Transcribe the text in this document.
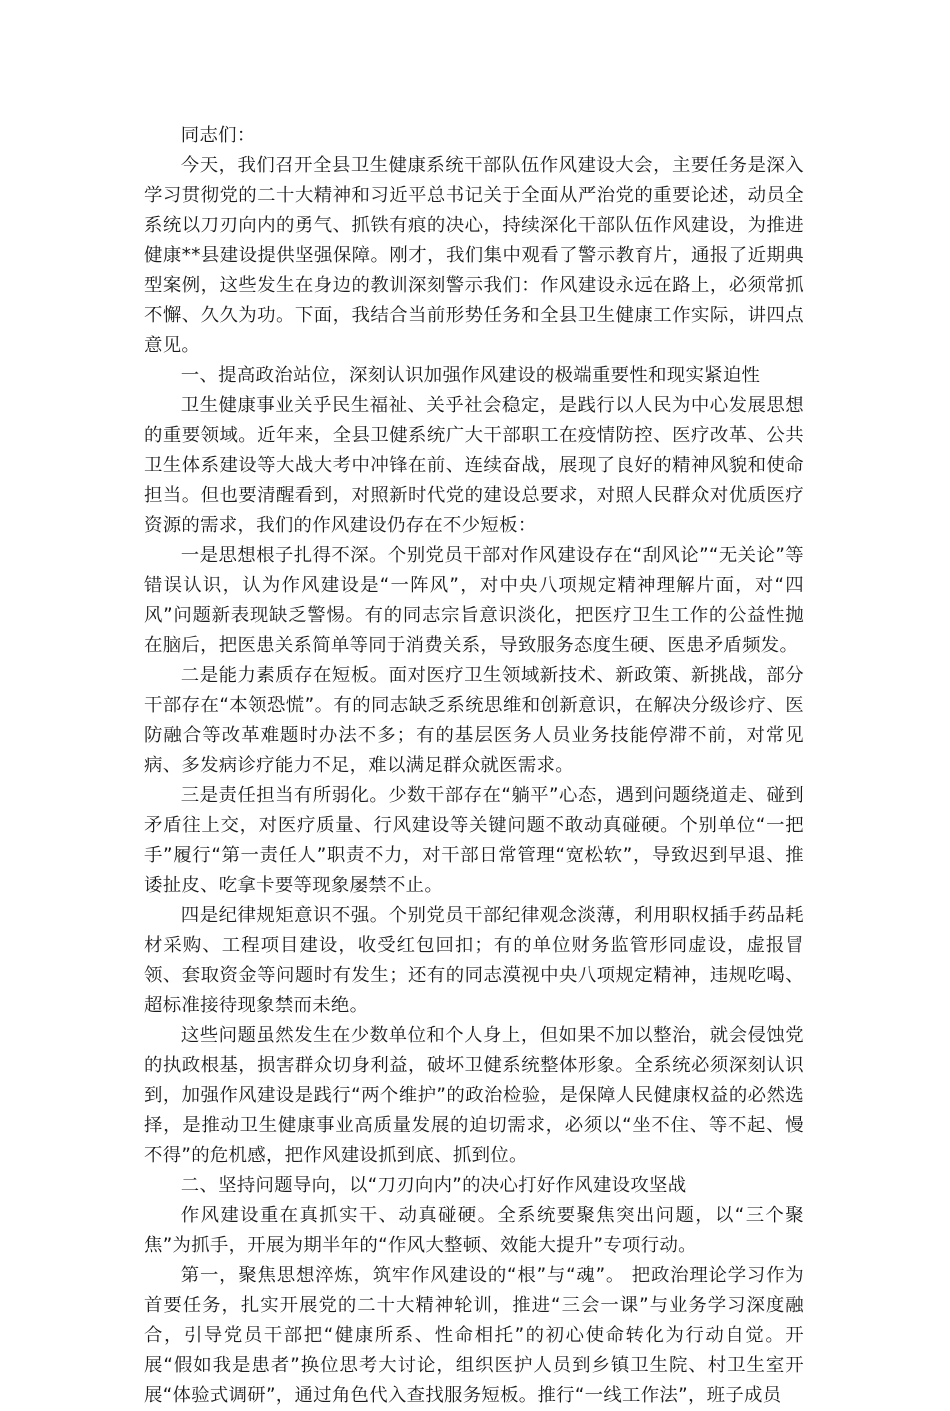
同志们：

今天，我们召开全县卫生健康系统干部队伍作风建设大会，主要任务是深入学习贯彻党的二十大精神和习近平总书记关于全面从严治党的重要论述，动员全系统以刀刃向内的勇气、抓铁有痕的决心，持续深化干部队伍作风建设，为推进健康**县建设提供坚强保障。刚才，我们集中观看了警示教育片，通报了近期典型案例，这些发生在身边的教训深刻警示我们：作风建设永远在路上，必须常抓不懈、久久为功。下面，我结合当前形势任务和全县卫生健康工作实际，讲四点意见。

一、提高政治站位，深刻认识加强作风建设的极端重要性和现实紧迫性

卫生健康事业关乎民生福祉、关乎社会稳定，是践行以人民为中心发展思想的重要领域。近年来，全县卫健系统广大干部职工在疫情防控、医疗改革、公共卫生体系建设等大战大考中冲锋在前、连续奋战，展现了良好的精神风貌和使命担当。但也要清醒看到，对照新时代党的建设总要求，对照人民群众对优质医疗资源的需求，我们的作风建设仍存在不少短板：

一是思想根子扎得不深。个别党员干部对作风建设存在“刮风论”“无关论”等错误认识，认为作风建设是“一阵风”，对中央八项规定精神理解片面，对“四风”问题新表现缺乏警惕。有的同志宗旨意识淡化，把医疗卫生工作的公益性抛在脑后，把医患关系简单等同于消费关系，导致服务态度生硬、医患矛盾频发。

二是能力素质存在短板。面对医疗卫生领域新技术、新政策、新挑战，部分干部存在“本领恐慌”。有的同志缺乏系统思维和创新意识，在解决分级诊疗、医防融合等改革难题时办法不多；有的基层医务人员业务技能停滞不前，对常见病、多发病诊疗能力不足，难以满足群众就医需求。

三是责任担当有所弱化。少数干部存在“躺平”心态，遇到问题绕道走、碰到矛盾往上交，对医疗质量、行风建设等关键问题不敢动真碰硬。个别单位“一把手”履行“第一责任人”职责不力，对干部日常管理“宽松软”，导致迟到早退、推诿扯皮、吃拿卡要等现象屡禁不止。

四是纪律规矩意识不强。个别党员干部纪律观念淡薄，利用职权插手药品耗材采购、工程项目建设，收受红包回扣；有的单位财务监管形同虚设，虚报冒领、套取资金等问题时有发生；还有的同志漠视中央八项规定精神，违规吃喝、超标准接待现象禁而未绝。

这些问题虽然发生在少数单位和个人身上，但如果不加以整治，就会侵蚀党的执政根基，损害群众切身利益，破坏卫健系统整体形象。全系统必须深刻认识到，加强作风建设是践行“两个维护”的政治检验，是保障人民健康权益的必然选择，是推动卫生健康事业高质量发展的迫切需求，必须以“坐不住、等不起、慢不得”的危机感，把作风建设抓到底、抓到位。

二、坚持问题导向，以“刀刃向内”的决心打好作风建设攻坚战

作风建设重在真抓实干、动真碰硬。全系统要聚焦突出问题，以“三个聚焦”为抓手，开展为期半年的“作风大整顿、效能大提升”专项行动。

第一，聚焦思想淬炼，筑牢作风建设的“根”与“魂”。 把政治理论学习作为首要任务，扎实开展党的二十大精神轮训，推进“三会一课”与业务学习深度融合，引导党员干部把“健康所系、性命相托”的初心使命转化为行动自觉。开展“假如我是患者”换位思考大讨论，组织医护人员到乡镇卫生院、村卫生室开展“体验式调研”，通过角色代入查找服务短板。推行“一线工作法”，班子成员
